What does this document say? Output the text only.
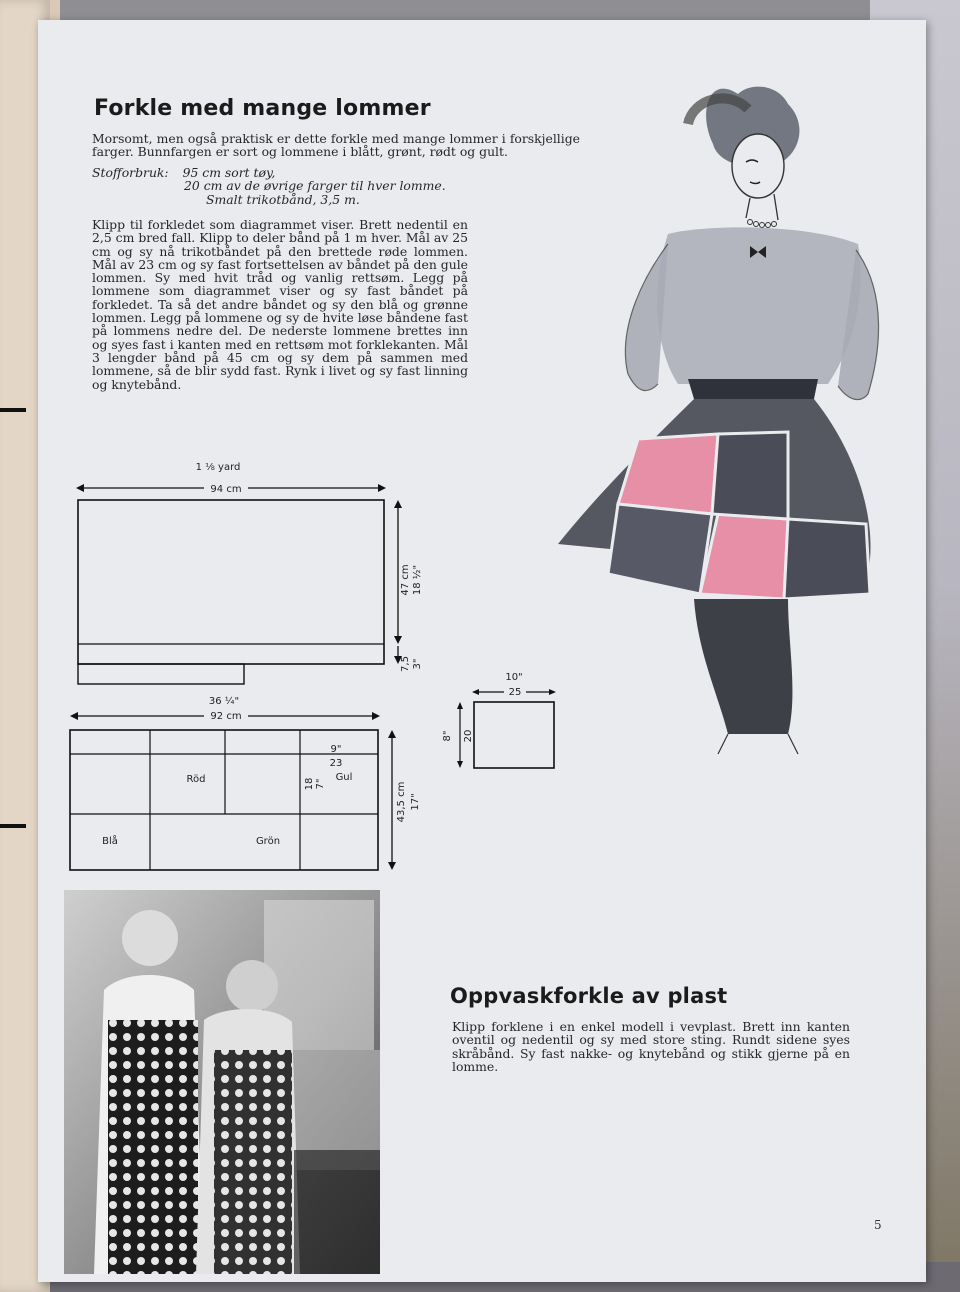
Forkle med mange lommer

Morsomt, men også praktisk er dette forkle med mange lommer i forskjellige farger. Bunnfargen er sort og lommene i blått, grønt, rødt og gult.

Stofforbruk: 95 cm sort tøy,
20 cm av de øvrige farger til hver lomme.
Smalt trikotbånd, 3,5 m.

Klipp til forkledet som diagrammet viser. Brett nedentil en 2,5 cm bred fall. Klipp to deler bånd på 1 m hver. Mål av 25 cm og sy nå trikotbåndet på den brettede røde lommen. Mål av 23 cm og sy fast fortsettelsen av båndet på den gule lommen. Sy med hvit tråd og vanlig rettsøm. Legg på lommene som diagrammet viser og sy fast båndet på forkledet. Ta så det andre båndet og sy den blå og grønne lommen. Legg på lommene og sy de hvite løse båndene fast på lommens nedre del. De nederste lommene brettes inn og syes fast i kanten med en rettsøm mot forklekanten. Mål 3 lengder bånd på 45 cm og sy dem på sammen med lommene, så de blir sydd fast. Rynk i livet og sy fast linning og knytebånd.

1 ⅛ yard
94 cm
47 cm 18 ½"
7,5 3"
36 ¼"
92 cm
9"
23
Gul
18 7"
Röd
Blå	Grön
43,5 cm 17"
10"
25
8" 20
Oppvaskforkle av plast

Klipp forklene i en enkel modell i vevplast. Brett inn kanten oventil og nedentil og sy med store sting. Rundt sidene syes skråbånd. Sy fast nakke- og knytebånd og stikk gjerne på en lomme.

5
